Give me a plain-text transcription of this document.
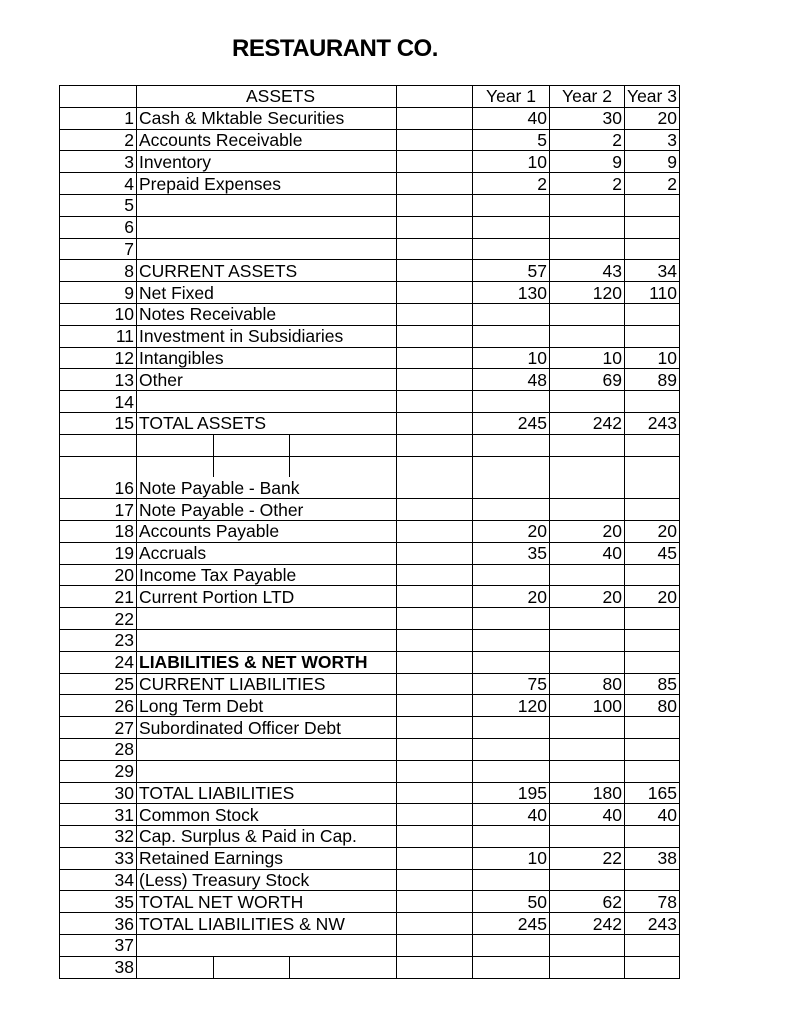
RESTAURANT CO.
	ASSETS				Year 1	Year 2	Year 3
1	Cash & Mktable Securities				40	30	20
2	Accounts Receivable				5	2	3
3	Inventory				10	9	9
4	Prepaid Expenses				2	2	2
5							
6							
7							
8	CURRENT ASSETS				57	43	34
9	Net Fixed				130	120	110
10	Notes Receivable						
11	Investment in Subsidiaries						
12	Intangibles				10	10	10
13	Other				48	69	89
14							
15	TOTAL ASSETS				245	242	243

16	Note Payable - Bank						
17	Note Payable - Other						
18	Accounts Payable				20	20	20
19	Accruals				35	40	45
20	Income Tax Payable						
21	Current Portion LTD				20	20	20
22							
23							
24	LIABILITIES & NET WORTH						
25	CURRENT LIABILITIES				75	80	85
26	Long Term Debt				120	100	80
27	Subordinated Officer Debt						
28							
29							
30	TOTAL LIABILITIES				195	180	165
31	Common Stock				40	40	40
32	Cap. Surplus & Paid in Cap.						
33	Retained Earnings				10	22	38
34	(Less) Treasury Stock						
35	TOTAL NET WORTH				50	62	78
36	TOTAL LIABILITIES & NW				245	242	243
37							
38							
